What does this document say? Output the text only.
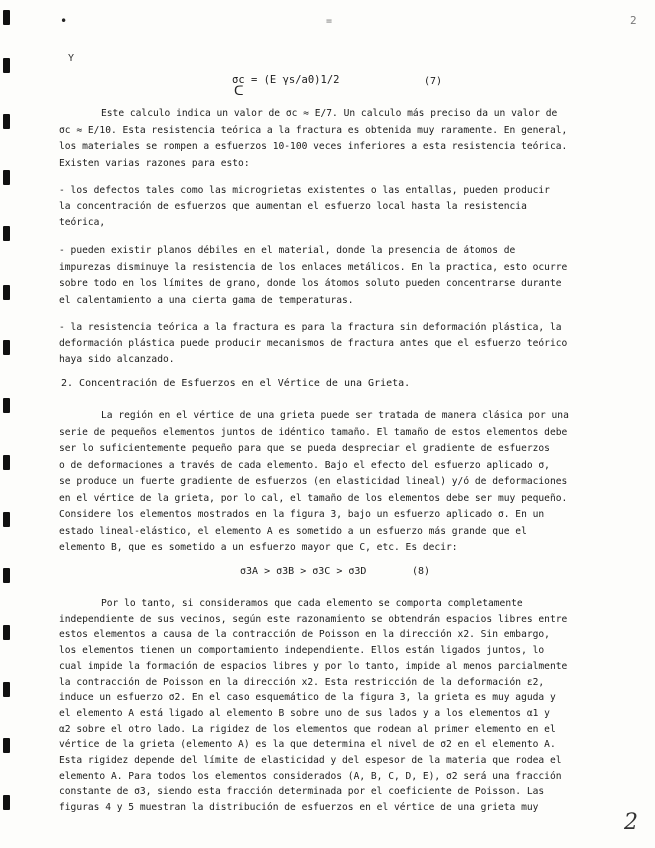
•	=	2
Y
σc = (E γs/a0)1/2	(7)
ᑕ
Este calculo indica un valor de σc ≈ E/7. Un calculo más preciso da un valor de
σc ≈ E/10. Esta resistencia teórica a la fractura es obtenida muy raramente. En general,
los materiales se rompen a esfuerzos 10-100 veces inferiores a esta resistencia teórica.
Existen varias razones para esto:
- los defectos tales como las microgrietas existentes o las entallas, pueden producir
la concentración de esfuerzos que aumentan el esfuerzo local hasta la resistencia
teórica,
- pueden existir planos débiles en el material, donde la presencia de átomos de
impurezas disminuye la resistencia de los enlaces metálicos. En la practica, esto ocurre
sobre todo en los límites de grano, donde los átomos soluto pueden concentrarse durante
el calentamiento a una cierta gama de temperaturas.
- la resistencia teórica a la fractura es para la fractura sin deformación plástica, la
deformación plástica puede producir mecanismos de fractura antes que el esfuerzo teórico
haya sido alcanzado.
2. Concentración de Esfuerzos en el Vértice de una Grieta.
La región en el vértice de una grieta puede ser tratada de manera clásica por una
serie de pequeños elementos juntos de idéntico tamaño. El tamaño de estos elementos debe
ser lo suficientemente pequeño para que se pueda despreciar el gradiente de esfuerzos
o de deformaciones a través de cada elemento. Bajo el efecto del esfuerzo aplicado σ,
se produce un fuerte gradiente de esfuerzos (en elasticidad lineal) y/ó de deformaciones
en el vértice de la grieta, por lo cal, el tamaño de los elementos debe ser muy pequeño.
Considere los elementos mostrados en la figura 3, bajo un esfuerzo aplicado σ. En un
estado lineal-elástico, el elemento A es sometido a un esfuerzo más grande que el
elemento B, que es sometido a un esfuerzo mayor que C, etc. Es decir:
σ3A > σ3B > σ3C > σ3D	(8)
Por lo tanto, si consideramos que cada elemento se comporta completamente
independiente de sus vecinos, según este razonamiento se obtendrán espacios libres entre
estos elementos a causa de la contracción de Poisson en la dirección x2. Sin embargo,
los elementos tienen un comportamiento independiente. Ellos están ligados juntos, lo
cual impide la formación de espacios libres y por lo tanto, impide al menos parcialmente
la contracción de Poisson en la dirección x2. Esta restricción de la deformación ε2,
induce un esfuerzo σ2. En el caso esquemático de la figura 3, la grieta es muy aguda y
el elemento A está ligado al elemento B sobre uno de sus lados y a los elementos α1 y
α2 sobre el otro lado. La rigidez de los elementos que rodean al primer elemento en el
vértice de la grieta (elemento A) es la que determina el nivel de σ2 en el elemento A.
Esta rigidez depende del límite de elasticidad y del espesor de la materia que rodea el
elemento A. Para todos los elementos considerados (A, B, C, D, E), σ2 será una fracción
constante de σ3, siendo esta fracción determinada por el coeficiente de Poisson. Las
figuras 4 y 5 muestran la distribución de esfuerzos en el vértice de una grieta muy
2
